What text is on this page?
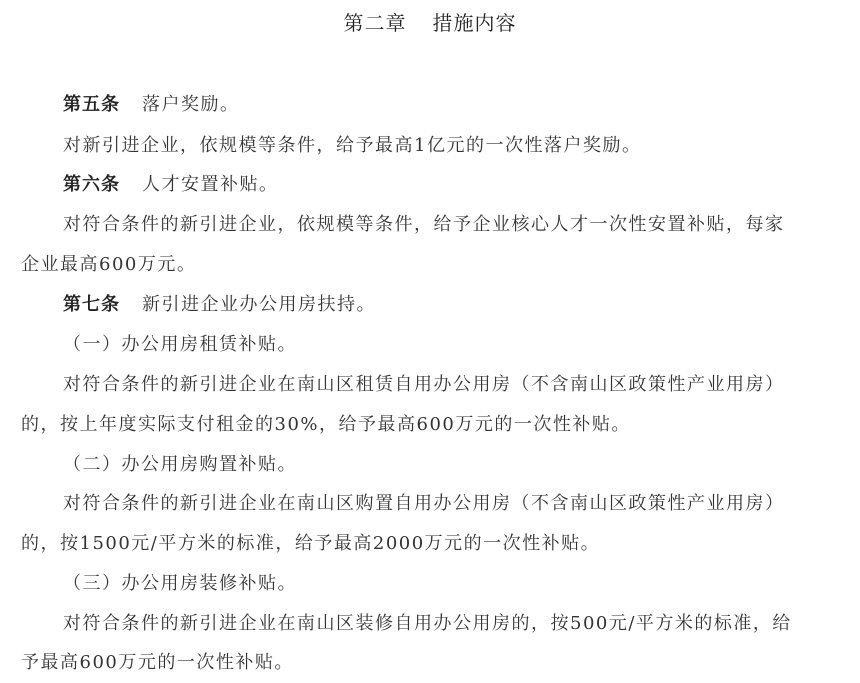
第二章 措施内容
第五条 落户奖励。
对新引进企业，依规模等条件，给予最高1亿元的一次性落户奖励。
第六条 人才安置补贴。
对符合条件的新引进企业，依规模等条件，给予企业核心人才一次性安置补贴，每家
企业最高600万元。
第七条 新引进企业办公用房扶持。
（一）办公用房租赁补贴。
对符合条件的新引进企业在南山区租赁自用办公用房（不含南山区政策性产业用房）
的，按上年度实际支付租金的30%，给予最高600万元的一次性补贴。
（二）办公用房购置补贴。
对符合条件的新引进企业在南山区购置自用办公用房（不含南山区政策性产业用房）
的，按1500元/平方米的标准，给予最高2000万元的一次性补贴。
（三）办公用房装修补贴。
对符合条件的新引进企业在南山区装修自用办公用房的，按500元/平方米的标准，给
予最高600万元的一次性补贴。
